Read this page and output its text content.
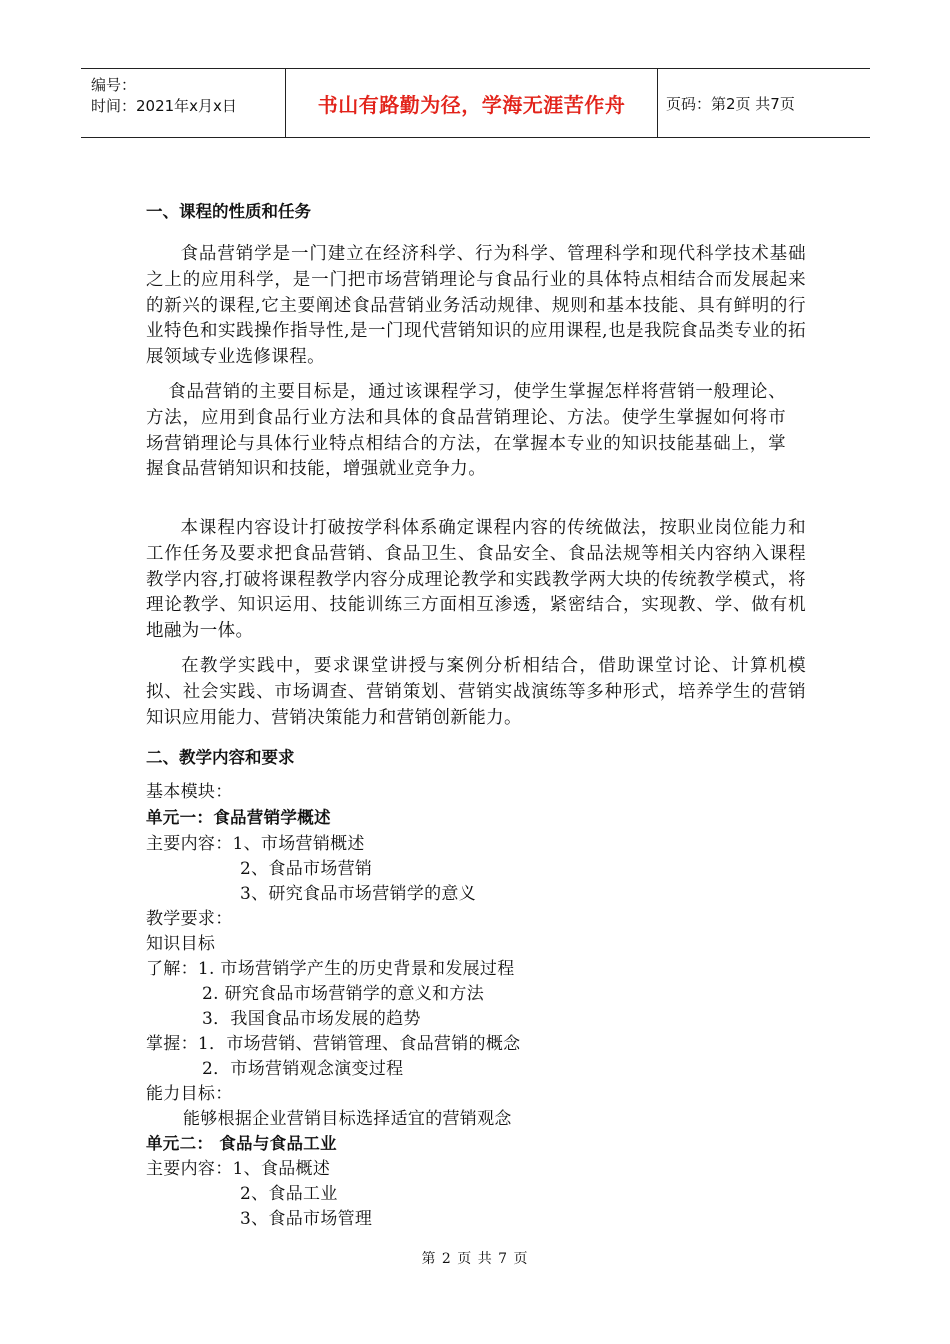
编号：
时间：2021年x月x日	书山有路勤为径，学海无涯苦作舟	页码：第2页 共7页
一、课程的性质和任务
食品营销学是一门建立在经济科学、行为科学、管理科学和现代科学技术基础之上的应用科学，是一门把市场营销理论与食品行业的具体特点相结合而发展起来的新兴的课程,它主要阐述食品营销业务活动规律、规则和基本技能、具有鲜明的行业特色和实践操作指导性,是一门现代营销知识的应用课程,也是我院食品类专业的拓展领域专业选修课程。
食品营销的主要目标是，通过该课程学习，使学生掌握怎样将营销一般理论、方法，应用到食品行业方法和具体的食品营销理论、方法。使学生掌握如何将市场营销理论与具体行业特点相结合的方法，在掌握本专业的知识技能基础上，掌握食品营销知识和技能，增强就业竞争力。
本课程内容设计打破按学科体系确定课程内容的传统做法，按职业岗位能力和工作任务及要求把食品营销、食品卫生、食品安全、食品法规等相关内容纳入课程教学内容,打破将课程教学内容分成理论教学和实践教学两大块的传统教学模式，将理论教学、知识运用、技能训练三方面相互渗透，紧密结合，实现教、学、做有机地融为一体。
在教学实践中，要求课堂讲授与案例分析相结合，借助课堂讨论、计算机模拟、社会实践、市场调查、营销策划、营销实战演练等多种形式，培养学生的营销知识应用能力、营销决策能力和营销创新能力。
二、教学内容和要求
基本模块：
单元一：食品营销学概述
主要内容：1、市场营销概述
2、食品市场营销
3、研究食品市场营销学的意义
教学要求：
知识目标
了解：1. 市场营销学产生的历史背景和发展过程
2. 研究食品市场营销学的意义和方法
3．我国食品市场发展的趋势
掌握：1．市场营销、营销管理、食品营销的概念
2．市场营销观念演变过程
能力目标：
能够根据企业营销目标选择适宜的营销观念
单元二： 食品与食品工业
主要内容：1、食品概述
2、食品工业
3、食品市场管理
第 2 页 共 7 页
